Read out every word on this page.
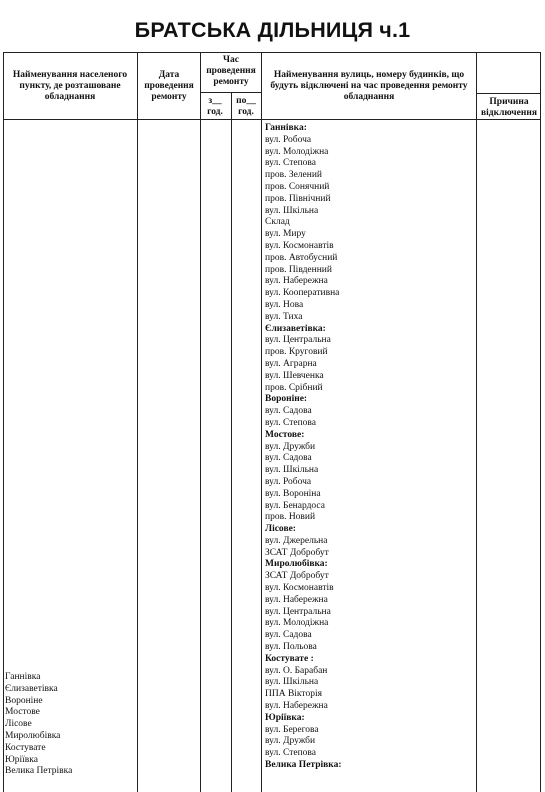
БРАТСЬКА ДІЛЬНИЦЯ ч.1
Найменування населеного пункту, де розташоване обладнання
Дата проведення ремонту
Час проведення ремонту
з__ год.
по__ год.
Найменування вулиць, номеру будинків, що будуть відключені на час проведення ремонту обладнання	Причина відключення
Ганнівка
Єлизаветівка
Вороніне
Мостове
Лісове
Миролюбівка
Костувате
Юріївка
Велика Петрівка
Ганнівка:
вул. Робоча
вул. Молодіжна
вул. Степова
пров. Зелений
пров. Сонячний
пров. Північний
вул. Шкільна
Склад
вул. Миру
вул. Космонавтів
пров. Автобусний
пров. Південний
вул. Набережна
вул. Кооперативна
вул. Нова
вул. Тиха
Єлизаветівка:
вул. Центральна
пров. Круговий
вул. Аграрна
вул. Шевченка
пров. Срібний
Вороніне:
вул. Садова
вул. Степова
Мостове:
вул. Дружби
вул. Садова
вул. Шкільна
вул. Робоча
вул. Вороніна
вул. Бенардоса
пров. Новий
Лісове:
вул. Джерельна
ЗСАТ Добробут
Миролюбівка:
ЗСАТ Добробут
вул. Космонавтів
вул. Набережна
вул. Центральна
вул. Молодіжна
вул. Садова
вул. Польова
Костувате :
вул. О. Барабан
вул. Шкільна
ППА Вікторія
вул. Набережна
Юріївка:
вул. Берегова
вул. Дружби
вул. Степова
Велика Петрівка:
